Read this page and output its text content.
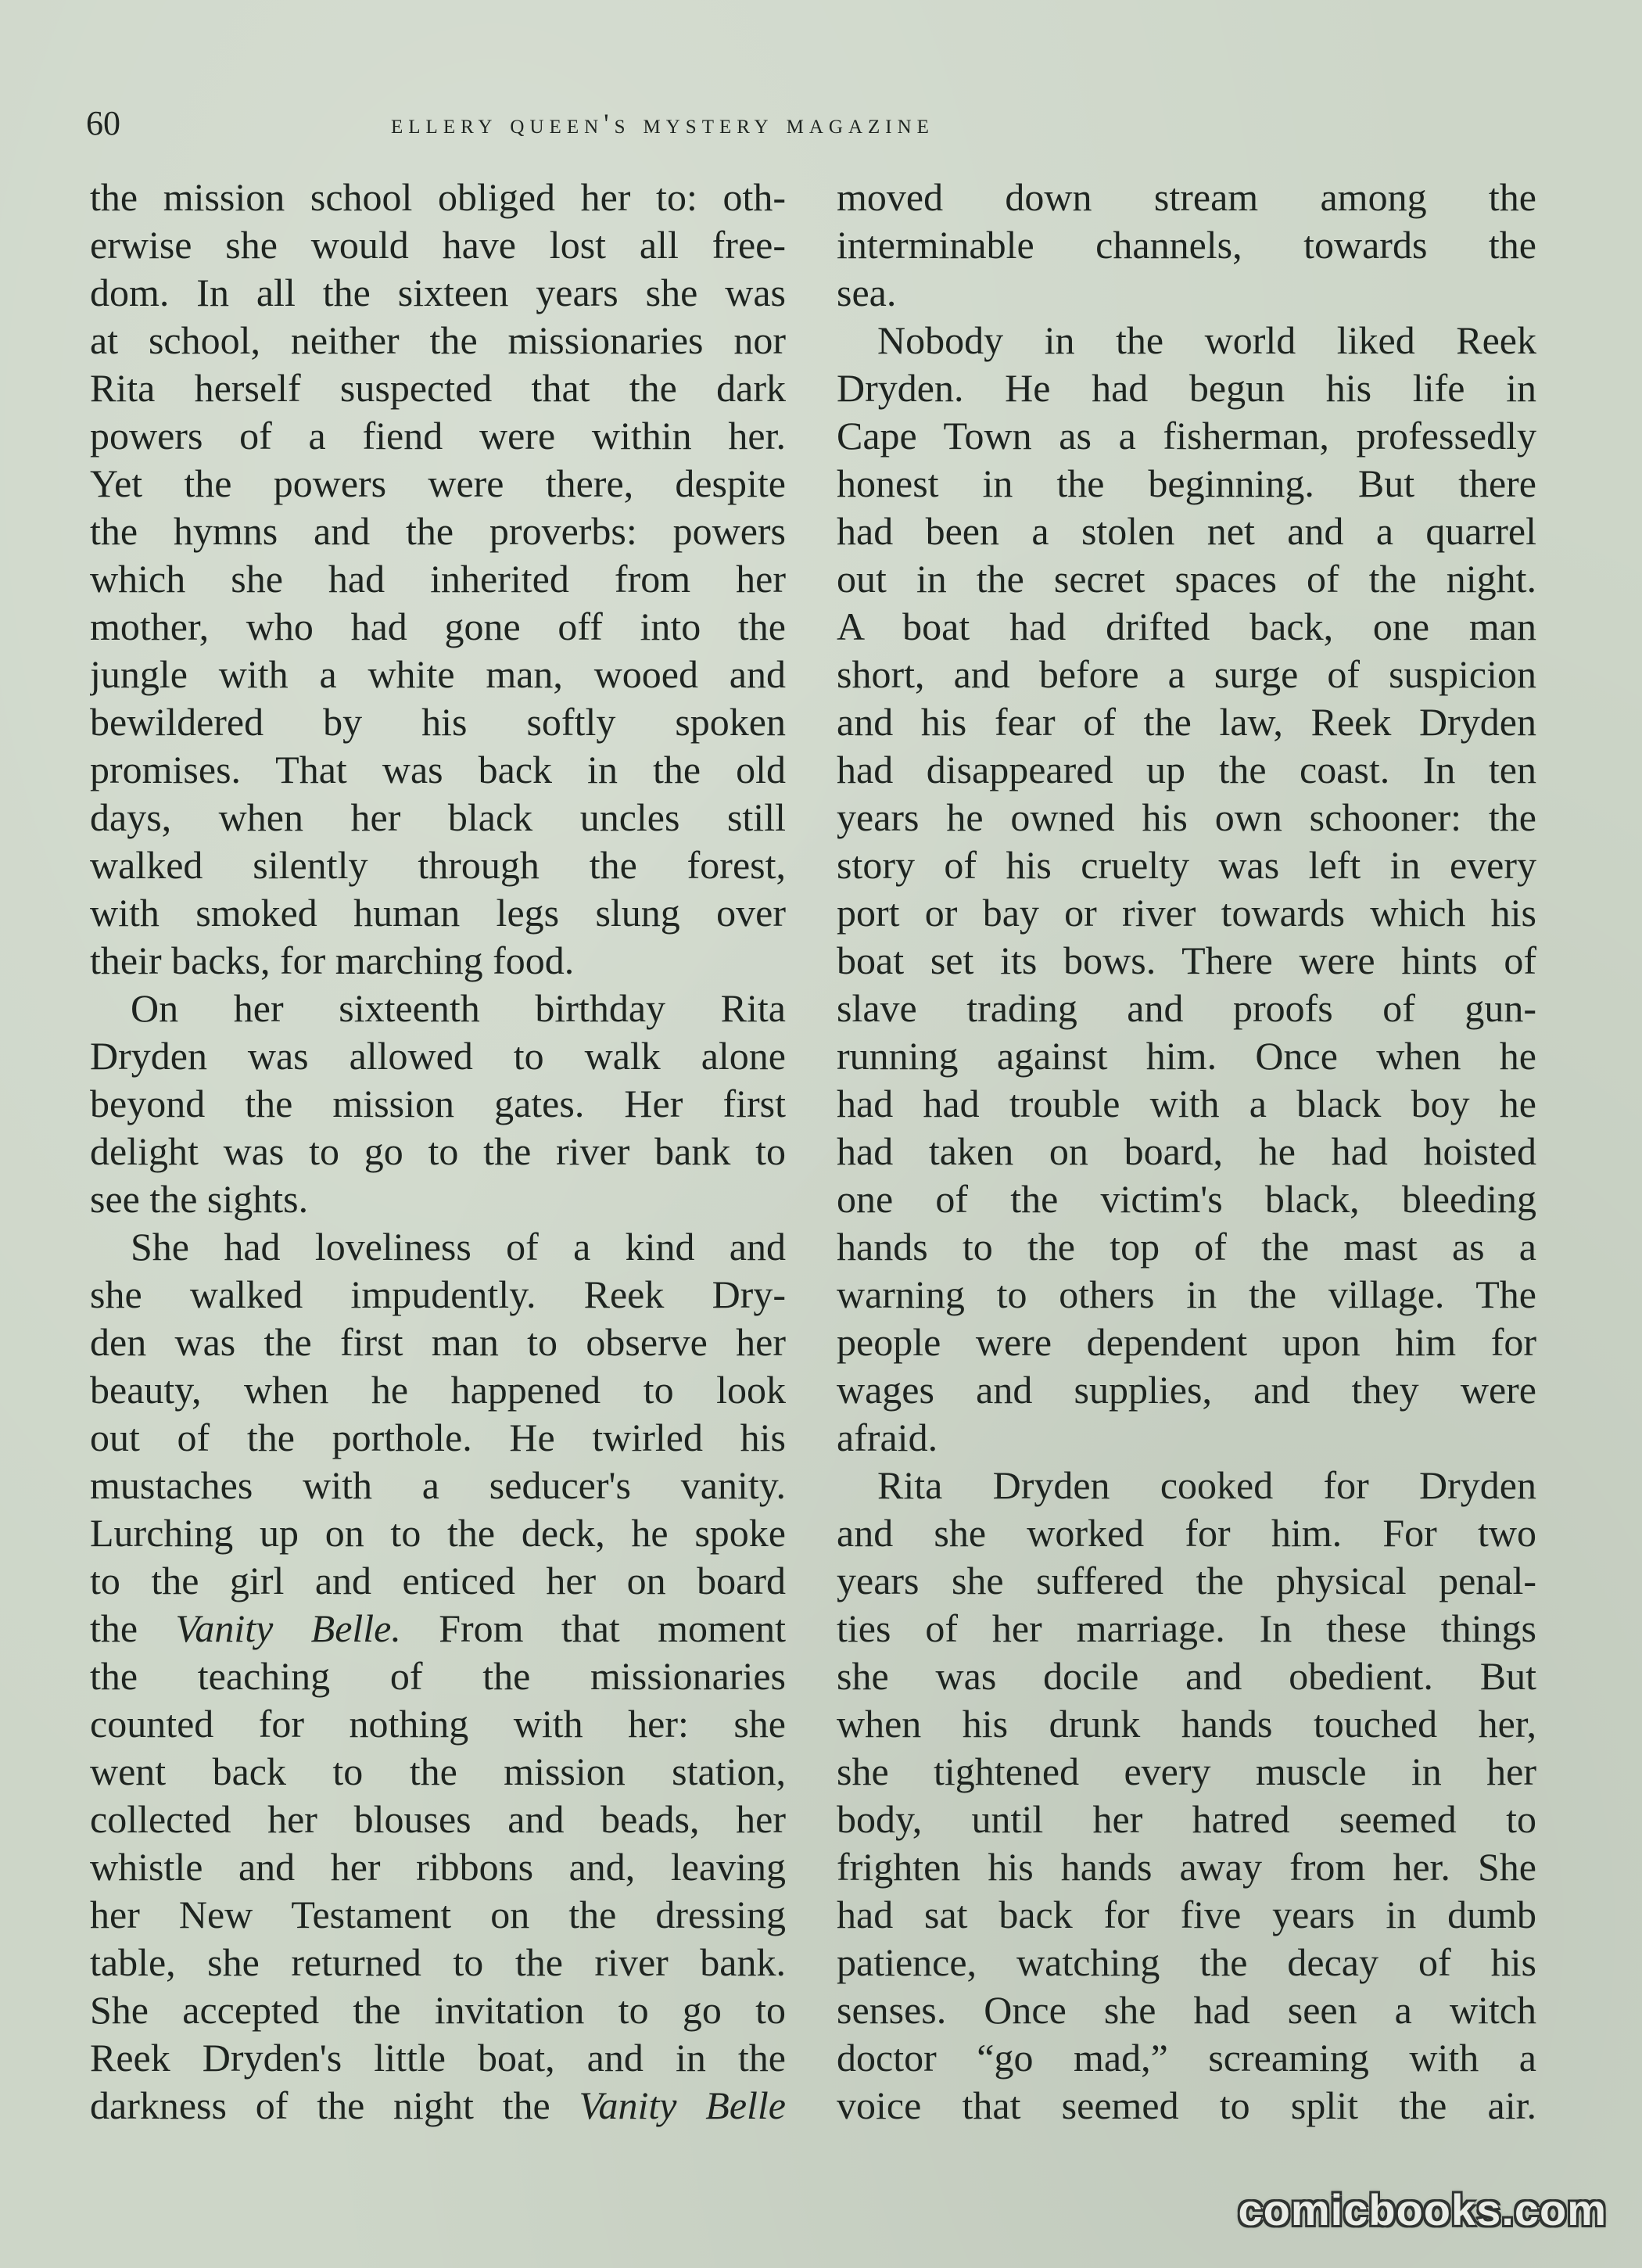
60	ellery queen's mystery magazine
the mission school obliged her to: oth-
erwise she would have lost all free-
dom. In all the sixteen years she was
at school, neither the missionaries nor
Rita herself suspected that the dark
powers of a fiend were within her.
Yet the powers were there, despite
the hymns and the proverbs: powers
which she had inherited from her
mother, who had gone off into the
jungle with a white man, wooed and
bewildered by his softly spoken
promises. That was back in the old
days, when her black uncles still
walked silently through the forest,
with smoked human legs slung over
their backs, for marching food.
On her sixteenth birthday Rita
Dryden was allowed to walk alone
beyond the mission gates. Her first
delight was to go to the river bank to
see the sights.
She had loveliness of a kind and
she walked impudently. Reek Dry-
den was the first man to observe her
beauty, when he happened to look
out of the porthole. He twirled his
mustaches with a seducer's vanity.
Lurching up on to the deck, he spoke
to the girl and enticed her on board
the Vanity Belle. From that moment
the teaching of the missionaries
counted for nothing with her: she
went back to the mission station,
collected her blouses and beads, her
whistle and her ribbons and, leaving
her New Testament on the dressing
table, she returned to the river bank.
She accepted the invitation to go to
Reek Dryden's little boat, and in the
darkness of the night the Vanity Belle
moved down stream among the
interminable channels, towards the
sea.
Nobody in the world liked Reek
Dryden. He had begun his life in
Cape Town as a fisherman, professedly
honest in the beginning. But there
had been a stolen net and a quarrel
out in the secret spaces of the night.
A boat had drifted back, one man
short, and before a surge of suspicion
and his fear of the law, Reek Dryden
had disappeared up the coast. In ten
years he owned his own schooner: the
story of his cruelty was left in every
port or bay or river towards which his
boat set its bows. There were hints of
slave trading and proofs of gun-
running against him. Once when he
had had trouble with a black boy he
had taken on board, he had hoisted
one of the victim's black, bleeding
hands to the top of the mast as a
warning to others in the village. The
people were dependent upon him for
wages and supplies, and they were
afraid.
Rita Dryden cooked for Dryden
and she worked for him. For two
years she suffered the physical penal-
ties of her marriage. In these things
she was docile and obedient. But
when his drunk hands touched her,
she tightened every muscle in her
body, until her hatred seemed to
frighten his hands away from her. She
had sat back for five years in dumb
patience, watching the decay of his
senses. Once she had seen a witch
doctor “go mad,” screaming with a
voice that seemed to split the air.
comicbooks.com
